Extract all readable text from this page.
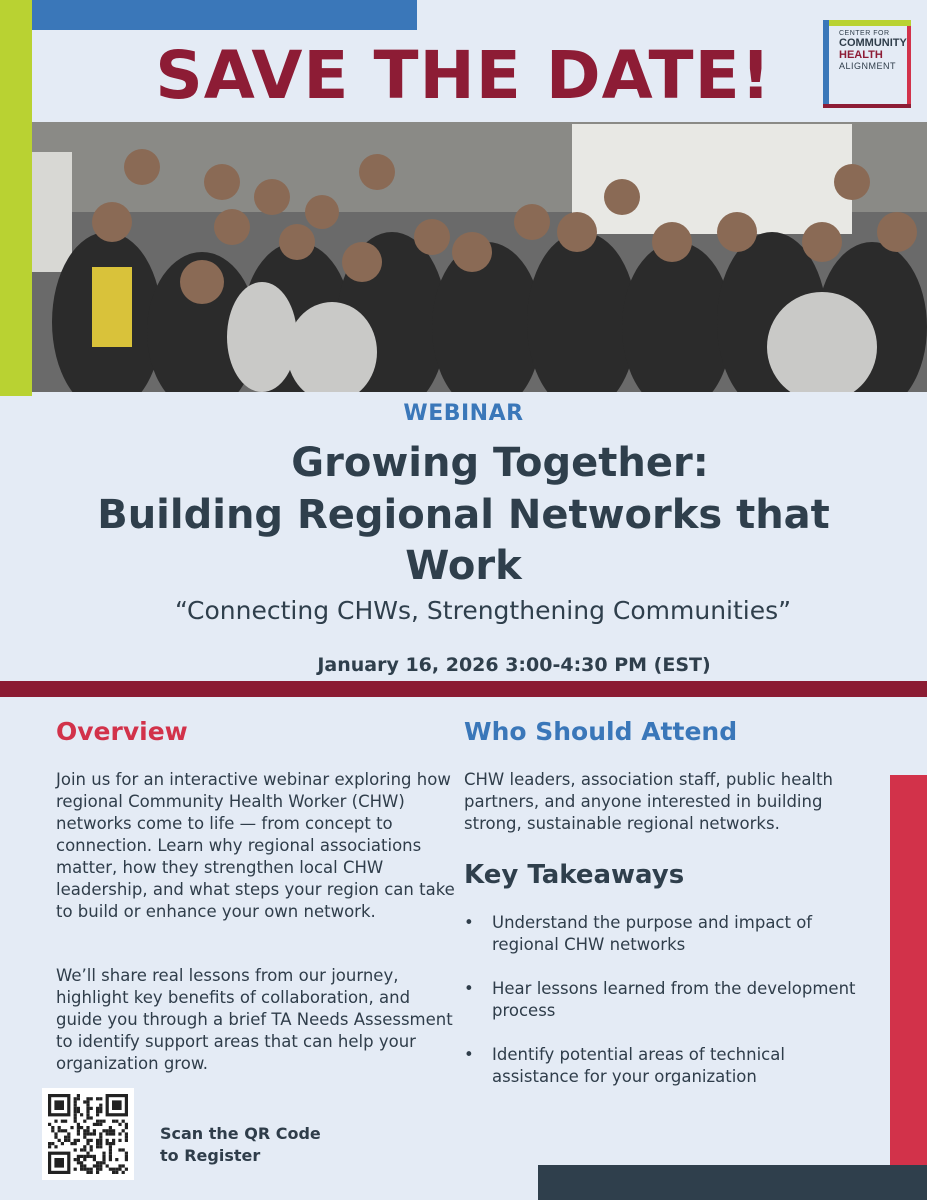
SAVE THE DATE!
CENTER FOR
COMMUNITY
HEALTH
ALIGNMENT
WEBINAR
Growing Together:
Building Regional Networks that
Work
“Connecting CHWs, Strengthening Communities”
January 16, 2026 3:00-4:30 PM (EST)
Overview
Join us for an interactive webinar exploring how regional Community Health Worker (CHW) networks come to life — from concept to connection. Learn why regional associations matter, how they strengthen local CHW leadership, and what steps your region can take to build or enhance your own network.
We’ll share real lessons from our journey, highlight key benefits of collaboration, and guide you through a brief TA Needs Assessment to identify support areas that can help your organization grow.
Who Should Attend
CHW leaders, association staff, public health partners, and anyone interested in building strong, sustainable regional networks.
Key Takeaways
• Understand the purpose and impact of regional CHW networks
• Hear lessons learned from the development process
• Identify potential areas of technical assistance for your organization
Scan the QR Code
to Register
